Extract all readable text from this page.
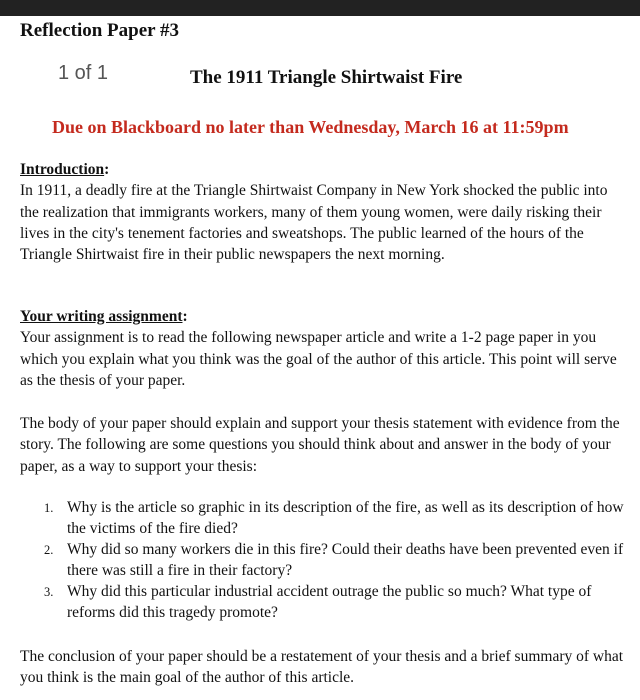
Reflection Paper #3
1 of 1	The 1911 Triangle Shirtwaist Fire
Due on Blackboard no later than Wednesday, March 16 at 11:59pm
Introduction:
In 1911, a deadly fire at the Triangle Shirtwaist Company in New York shocked the public into the realization that immigrants workers, many of them young women, were daily risking their lives in the city's tenement factories and sweatshops. The public learned of the hours of the Triangle Shirtwaist fire in their public newspapers the next morning.
Your writing assignment:
Your assignment is to read the following newspaper article and write a 1-2 page paper in you which you explain what you think was the goal of the author of this article. This point will serve as the thesis of your paper.
The body of your paper should explain and support your thesis statement with evidence from the story. The following are some questions you should think about and answer in the body of your paper, as a way to support your thesis:
1. Why is the article so graphic in its description of the fire, as well as its description of how the victims of the fire died?
2. Why did so many workers die in this fire? Could their deaths have been prevented even if there was still a fire in their factory?
3. Why did this particular industrial accident outrage the public so much? What type of reforms did this tragedy promote?
The conclusion of your paper should be a restatement of your thesis and a brief summary of what you think is the main goal of the author of this article.
